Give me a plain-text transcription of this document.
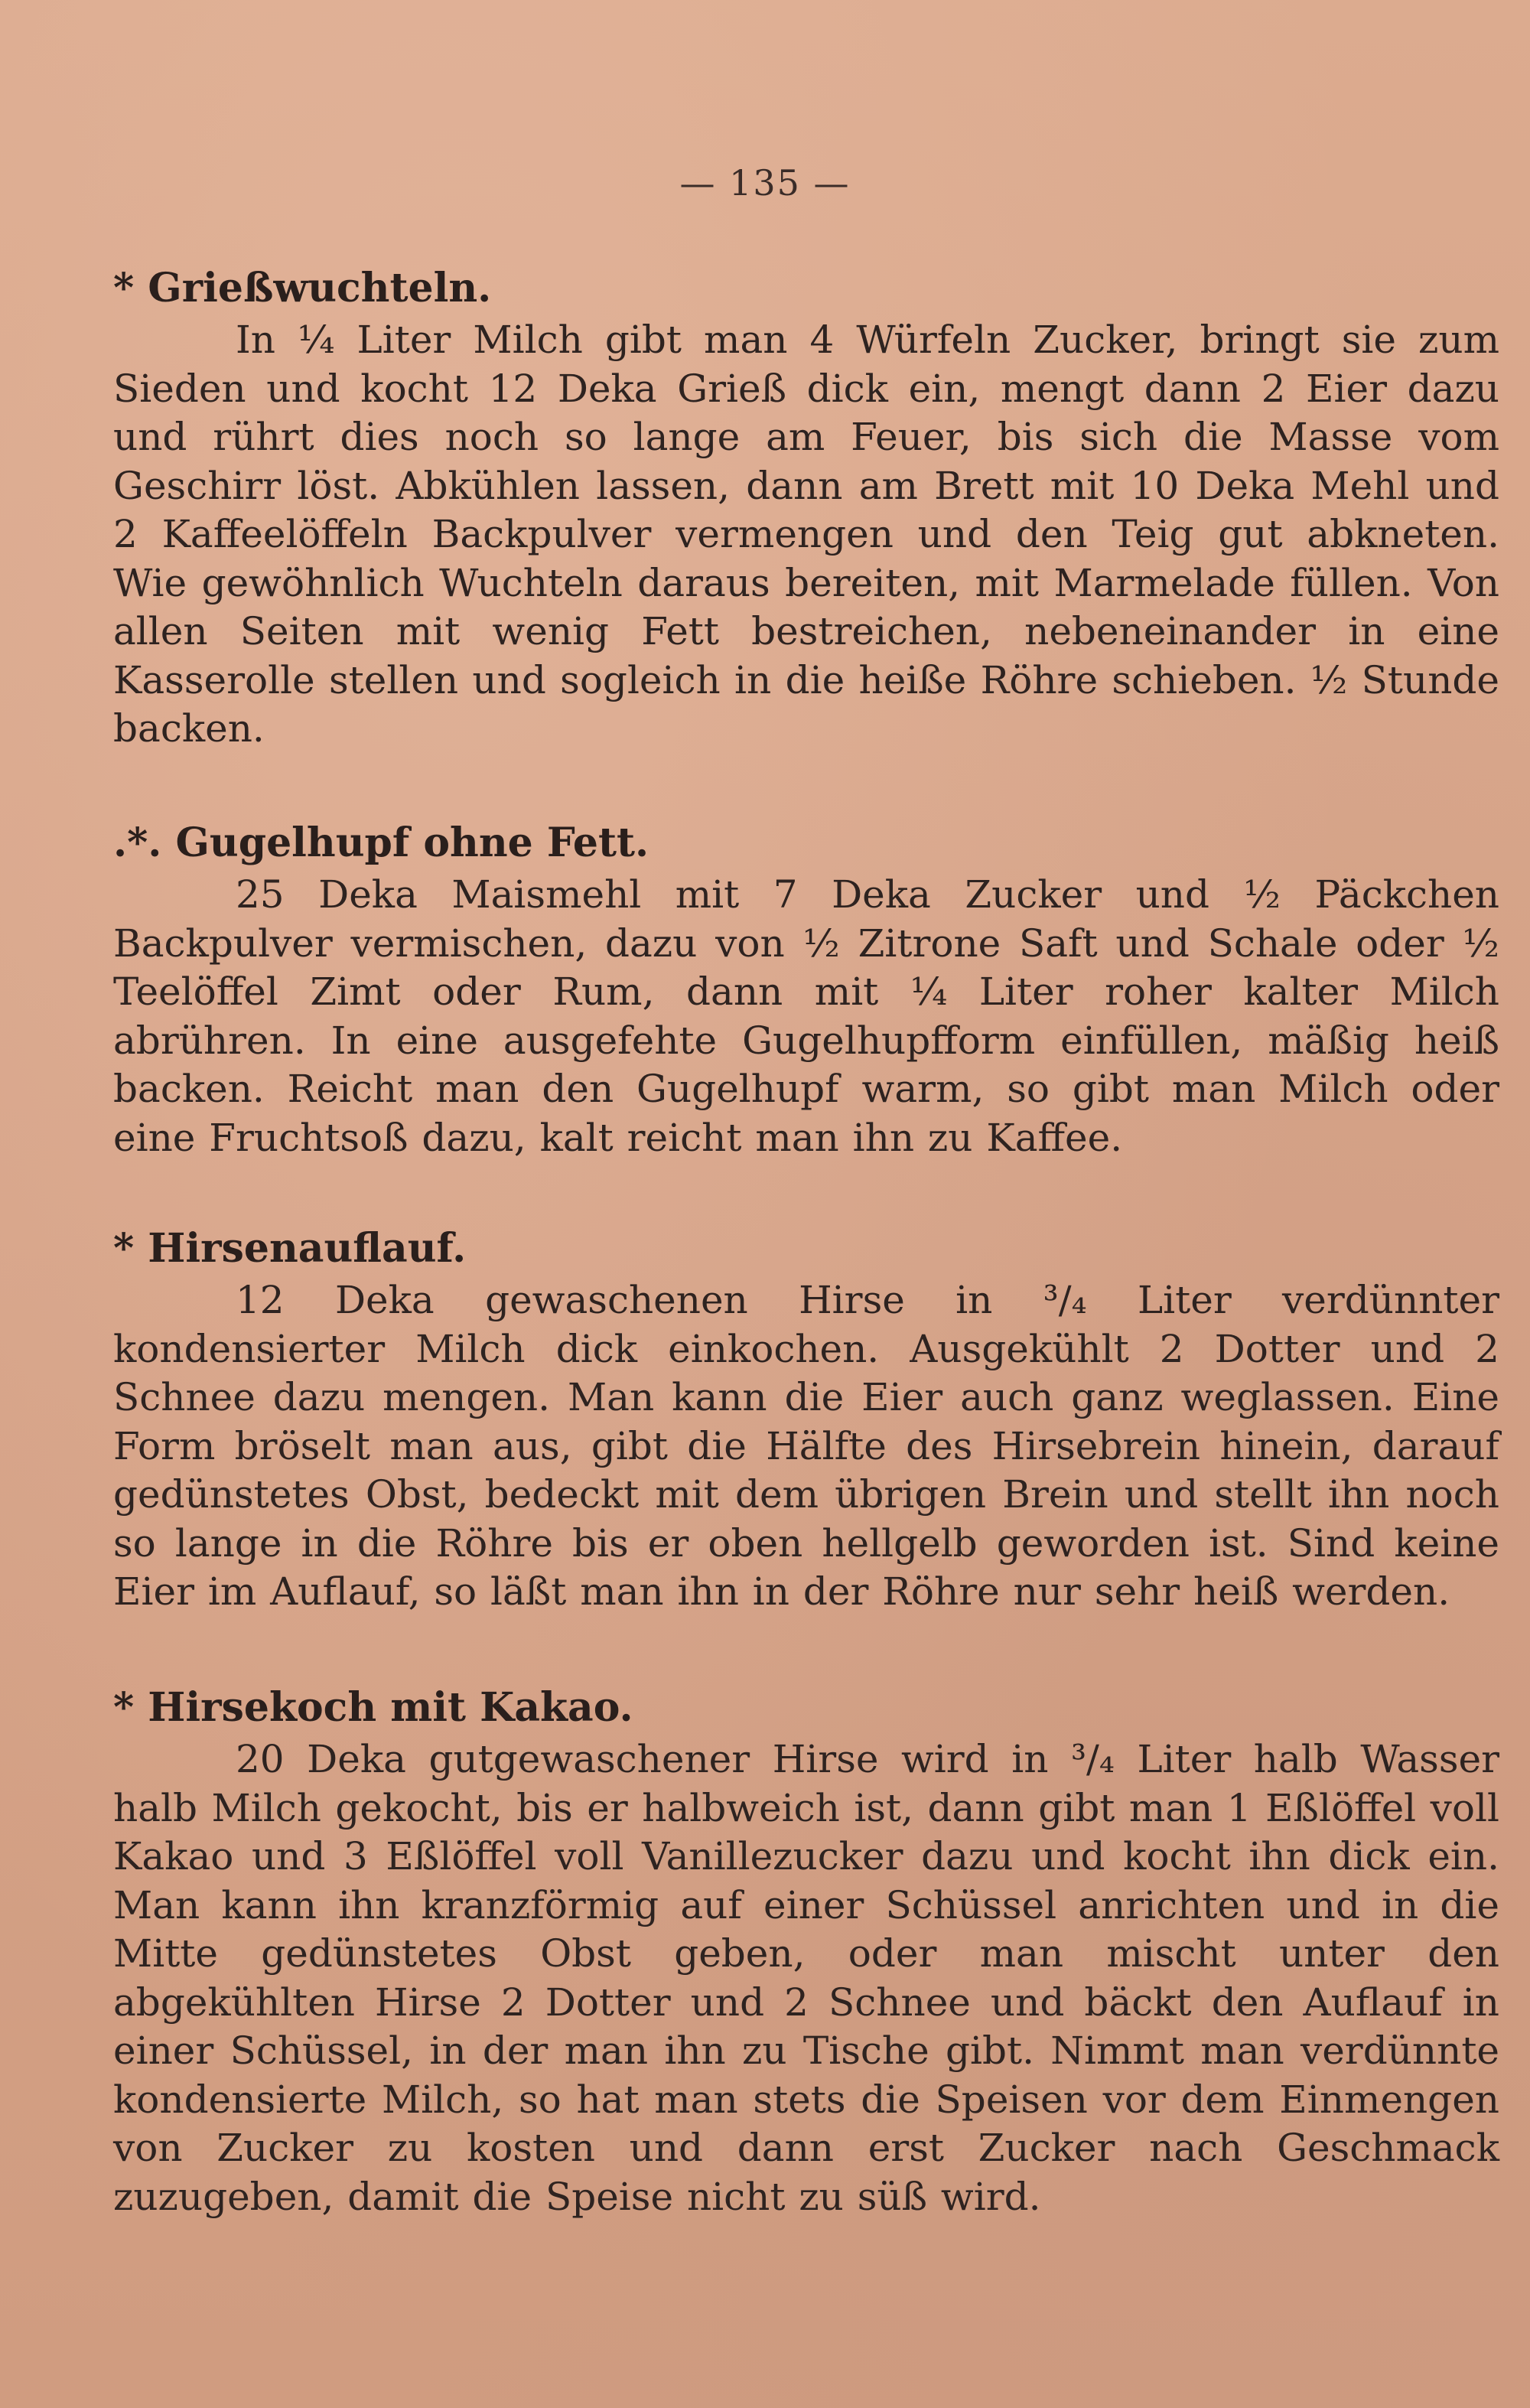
— 135 —
* Grießwuchteln.

In ¼ Liter Milch gibt man 4 Würfeln Zucker, bringt sie zum Sieden und kocht 12 Deka Grieß dick ein, mengt dann 2 Eier dazu und rührt dies noch so lange am Feuer, bis sich die Masse vom Geschirr löst. Abkühlen lassen, dann am Brett mit 10 Deka Mehl und 2 Kaffeelöffeln Backpulver vermengen und den Teig gut abkneten. Wie gewöhnlich Wuchteln daraus bereiten, mit Marmelade füllen. Von allen Seiten mit wenig Fett bestreichen, nebeneinander in eine Kasserolle stellen und sogleich in die heiße Röhre schieben. ½ Stunde backen.

.*. Gugelhupf ohne Fett.

25 Deka Maismehl mit 7 Deka Zucker und ½ Päckchen Backpulver vermischen, dazu von ½ Zitrone Saft und Schale oder ½ Teelöffel Zimt oder Rum, dann mit ¼ Liter roher kalter Milch abrühren. In eine ausgefehte Gugelhupfform einfüllen, mäßig heiß backen. Reicht man den Gugelhupf warm, so gibt man Milch oder eine Fruchtsoß dazu, kalt reicht man ihn zu Kaffee.

* Hirsenauflauf.

12 Deka gewaschenen Hirse in ³/₄ Liter verdünnter kondensierter Milch dick einkochen. Ausgekühlt 2 Dotter und 2 Schnee dazu mengen. Man kann die Eier auch ganz weglassen. Eine Form bröselt man aus, gibt die Hälfte des Hirsebrein hinein, darauf gedünstetes Obst, bedeckt mit dem übrigen Brein und stellt ihn noch so lange in die Röhre bis er oben hellgelb geworden ist. Sind keine Eier im Auflauf, so läßt man ihn in der Röhre nur sehr heiß werden.

* Hirsekoch mit Kakao.

20 Deka gutgewaschener Hirse wird in ³/₄ Liter halb Wasser halb Milch gekocht, bis er halbweich ist, dann gibt man 1 Eßlöffel voll Kakao und 3 Eßlöffel voll Vanillezucker dazu und kocht ihn dick ein. Man kann ihn kranzförmig auf einer Schüssel anrichten und in die Mitte gedünstetes Obst geben, oder man mischt unter den abgekühlten Hirse 2 Dotter und 2 Schnee und bäckt den Auflauf in einer Schüssel, in der man ihn zu Tische gibt. Nimmt man verdünnte kondensierte Milch, so hat man stets die Speisen vor dem Einmengen von Zucker zu kosten und dann erst Zucker nach Geschmack zuzugeben, damit die Speise nicht zu süß wird.
